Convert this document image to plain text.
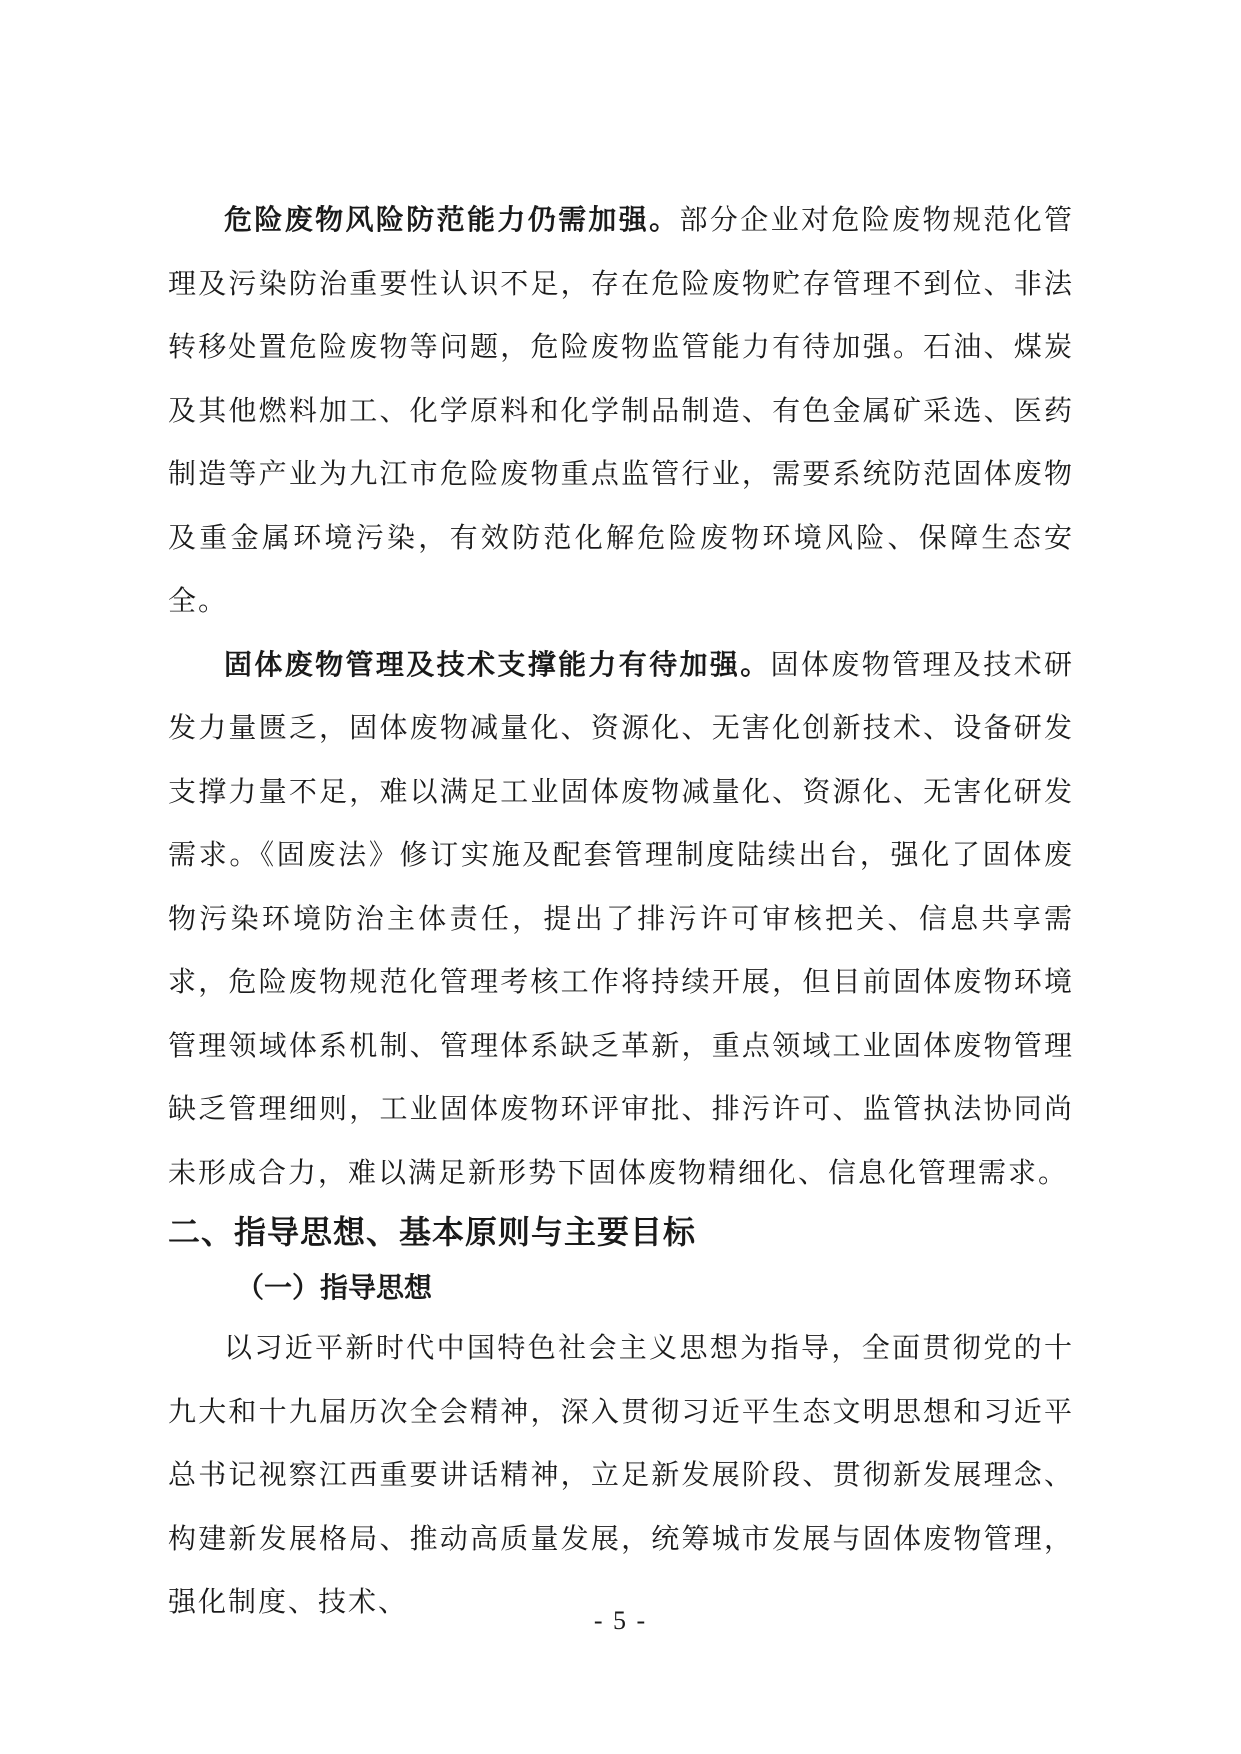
危险废物风险防范能力仍需加强。部分企业对危险废物规范化管理及污染防治重要性认识不足，存在危险废物贮存管理不到位、非法转移处置危险废物等问题，危险废物监管能力有待加强。石油、煤炭及其他燃料加工、化学原料和化学制品制造、有色金属矿采选、医药制造等产业为九江市危险废物重点监管行业，需要系统防范固体废物及重金属环境污染，有效防范化解危险废物环境风险、保障生态安全。

固体废物管理及技术支撑能力有待加强。固体废物管理及技术研发力量匮乏，固体废物减量化、资源化、无害化创新技术、设备研发支撑力量不足，难以满足工业固体废物减量化、资源化、无害化研发需求。《固废法》修订实施及配套管理制度陆续出台，强化了固体废物污染环境防治主体责任，提出了排污许可审核把关、信息共享需求，危险废物规范化管理考核工作将持续开展，但目前固体废物环境管理领域体系机制、管理体系缺乏革新，重点领域工业固体废物管理缺乏管理细则，工业固体废物环评审批、排污许可、监管执法协同尚未形成合力，难以满足新形势下固体废物精细化、信息化管理需求。

二、指导思想、基本原则与主要目标
（一）指导思想

以习近平新时代中国特色社会主义思想为指导，全面贯彻党的十九大和十九届历次全会精神，深入贯彻习近平生态文明思想和习近平总书记视察江西重要讲话精神，立足新发展阶段、贯彻新发展理念、构建新发展格局、推动高质量发展，统筹城市发展与固体废物管理，强化制度、技术、

- 5 -
